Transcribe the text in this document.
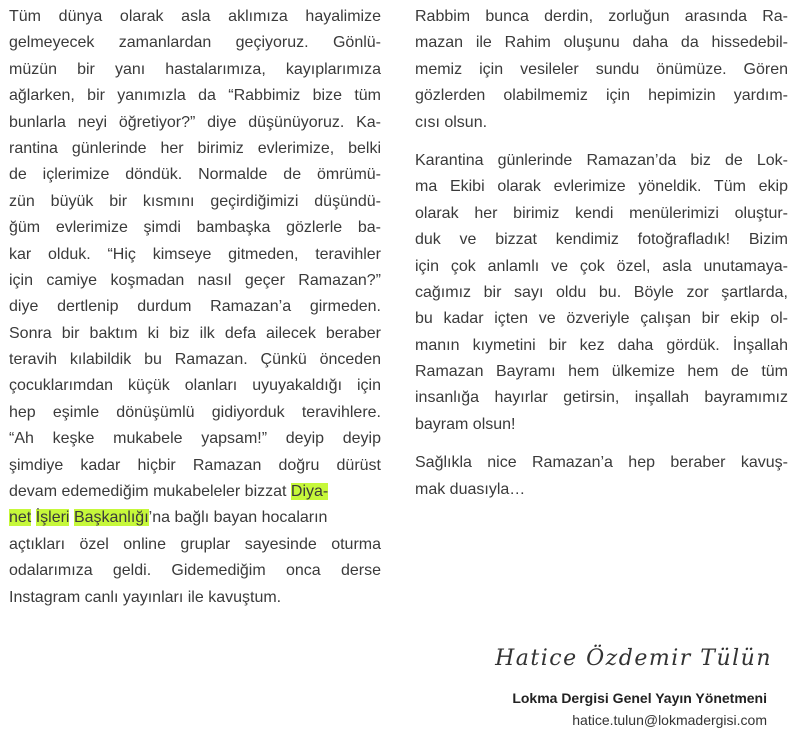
Tüm dünya olarak asla aklımıza hayalimize
gelmeyecek zamanlardan geçiyoruz. Gönlü-
müzün bir yanı hastalarımıza, kayıplarımıza
ağlarken, bir yanımızla da “Rabbimiz bize tüm
bunlarla neyi öğretiyor?” diye düşünüyoruz. Ka-
rantina günlerinde her birimiz evlerimize, belki
de içlerimize döndük. Normalde de ömrümü-
zün büyük bir kısmını geçirdiğimizi düşündü-
ğüm evlerimize şimdi bambaşka gözlerle ba-
kar olduk. “Hiç kimseye gitmeden, teravihler
için camiye koşmadan nasıl geçer Ramazan?”
diye dertlenip durdum Ramazan’a girmeden.
Sonra bir baktım ki biz ilk defa ailecek beraber
teravih kılabildik bu Ramazan. Çünkü önceden
çocuklarımdan küçük olanları uyuyakaldığı için
hep eşimle dönüşümlü gidiyorduk teravihlere.
“Ah keşke mukabele yapsam!” deyip deyip
şimdiye kadar hiçbir Ramazan doğru dürüst
devam edemediğim mukabeleler bizzat Diya-
net İşleri Başkanlığı’na bağlı bayan hocaların
açtıkları özel online gruplar sayesinde oturma
odalarımıza geldi. Gidemediğim onca derse
Instagram canlı yayınları ile kavuştum.
Rabbim bunca derdin, zorluğun arasında Ra-
mazan ile Rahim oluşunu daha da hissedebil-
memiz için vesileler sundu önümüze. Gören
gözlerden olabilmemiz için hepimizin yardım-
cısı olsun.
Karantina günlerinde Ramazan’da biz de Lok-
ma Ekibi olarak evlerimize yöneldik. Tüm ekip
olarak her birimiz kendi menülerimizi oluştur-
duk ve bizzat kendimiz fotoğrafladık! Bizim
için çok anlamlı ve çok özel, asla unutamaya-
cağımız bir sayı oldu bu. Böyle zor şartlarda,
bu kadar içten ve özveriyle çalışan bir ekip ol-
manın kıymetini bir kez daha gördük. İnşallah
Ramazan Bayramı hem ülkemize hem de tüm
insanlığa hayırlar getirsin, inşallah bayramımız
bayram olsun!
Sağlıkla nice Ramazan’a hep beraber kavuş-
mak duasıyla…
Hatice Özdemir Tülün
Lokma Dergisi Genel Yayın Yönetmeni
hatice.tulun@lokmadergisi.com
